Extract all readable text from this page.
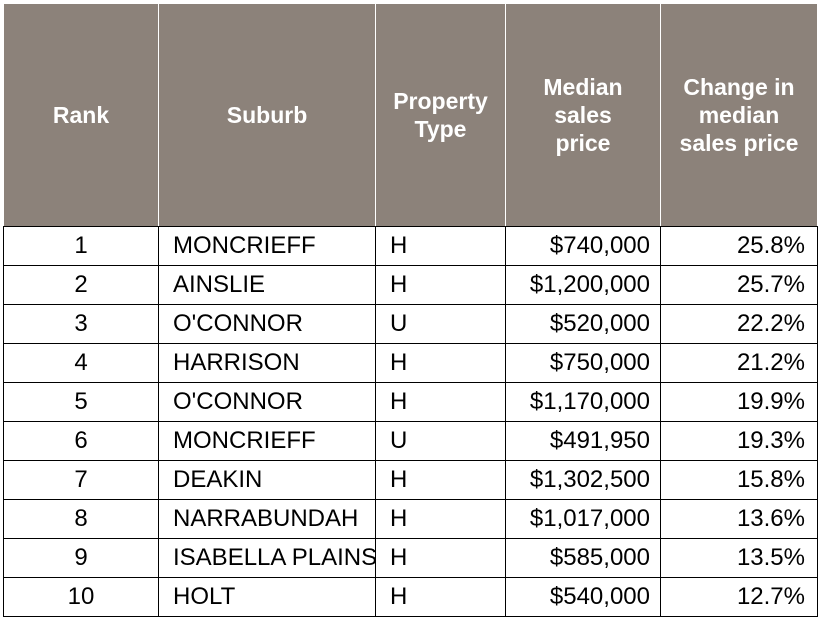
Rank	Suburb	Property Type	Median sales price	Change in median sales price

1	MONCRIEFF	H	$740,000	25.8%
2	AINSLIE	H	$1,200,000	25.7%
3	O'CONNOR	U	$520,000	22.2%
4	HARRISON	H	$750,000	21.2%
5	O'CONNOR	H	$1,170,000	19.9%
6	MONCRIEFF	U	$491,950	19.3%
7	DEAKIN	H	$1,302,500	15.8%
8	NARRABUNDAH	H	$1,017,000	13.6%
9	ISABELLA PLAINS	H	$585,000	13.5%
10	HOLT	H	$540,000	12.7%
